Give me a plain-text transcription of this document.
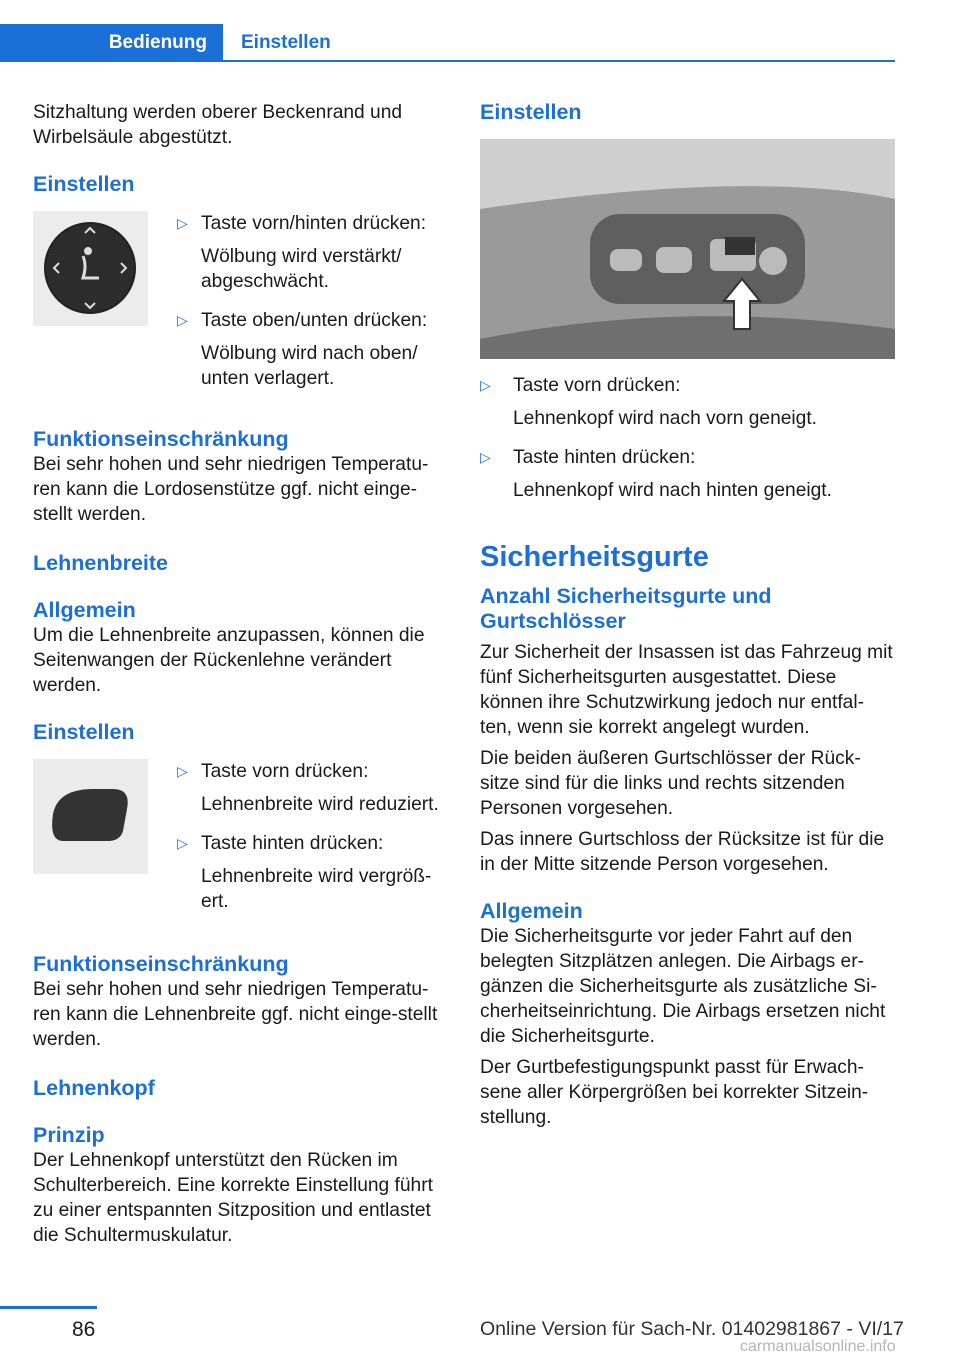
Bedienung	Einstellen

Sitzhaltung werden oberer Beckenrand und Wirbelsäule abgestützt.

Einstellen
▷ Taste vorn/hinten drücken:

Wölbung wird verstärkt/ abgeschwächt.

▷ Taste oben/unten drücken:

Wölbung wird nach oben/ unten verlagert.

Funktionseinschränkung

Bei sehr hohen und sehr niedrigen Temperatu-ren kann die Lordosenstütze ggf. nicht einge-stellt werden.

Lehnenbreite
Allgemein

Um die Lehnenbreite anzupassen, können die Seitenwangen der Rückenlehne verändert werden.

Einstellen
▷ Taste vorn drücken:

Lehnenbreite wird reduziert.

▷ Taste hinten drücken:

Lehnenbreite wird vergröß-ert.

Funktionseinschränkung

Bei sehr hohen und sehr niedrigen Temperatu-ren kann die Lehnenbreite ggf. nicht einge-stellt werden.

Lehnenkopf
Prinzip

Der Lehnenkopf unterstützt den Rücken im Schulterbereich. Eine korrekte Einstellung führt zu einer entspannten Sitzposition und entlastet die Schultermuskulatur.

Einstellen
▷	Taste vorn drücken:

Lehnenkopf wird nach vorn geneigt.

▷	Taste hinten drücken:

Lehnenkopf wird nach hinten geneigt.

Sicherheitsgurte
Anzahl Sicherheitsgurte und Gurtschlösser

Zur Sicherheit der Insassen ist das Fahrzeug mit fünf Sicherheitsgurten ausgestattet. Diese können ihre Schutzwirkung jedoch nur entfal-ten, wenn sie korrekt angelegt wurden.

Die beiden äußeren Gurtschlösser der Rück-sitze sind für die links und rechts sitzenden Personen vorgesehen.

Das innere Gurtschloss der Rücksitze ist für die in der Mitte sitzende Person vorgesehen.

Allgemein

Die Sicherheitsgurte vor jeder Fahrt auf den belegten Sitzplätzen anlegen. Die Airbags er-gänzen die Sicherheitsgurte als zusätzliche Si-cherheitseinrichtung. Die Airbags ersetzen nicht die Sicherheitsgurte.

Der Gurtbefestigungspunkt passt für Erwach-sene aller Körpergrößen bei korrekter Sitzein-stellung.

86	Online Version für Sach-Nr. 01402981867 - VI/17
carmanualsonline.info
